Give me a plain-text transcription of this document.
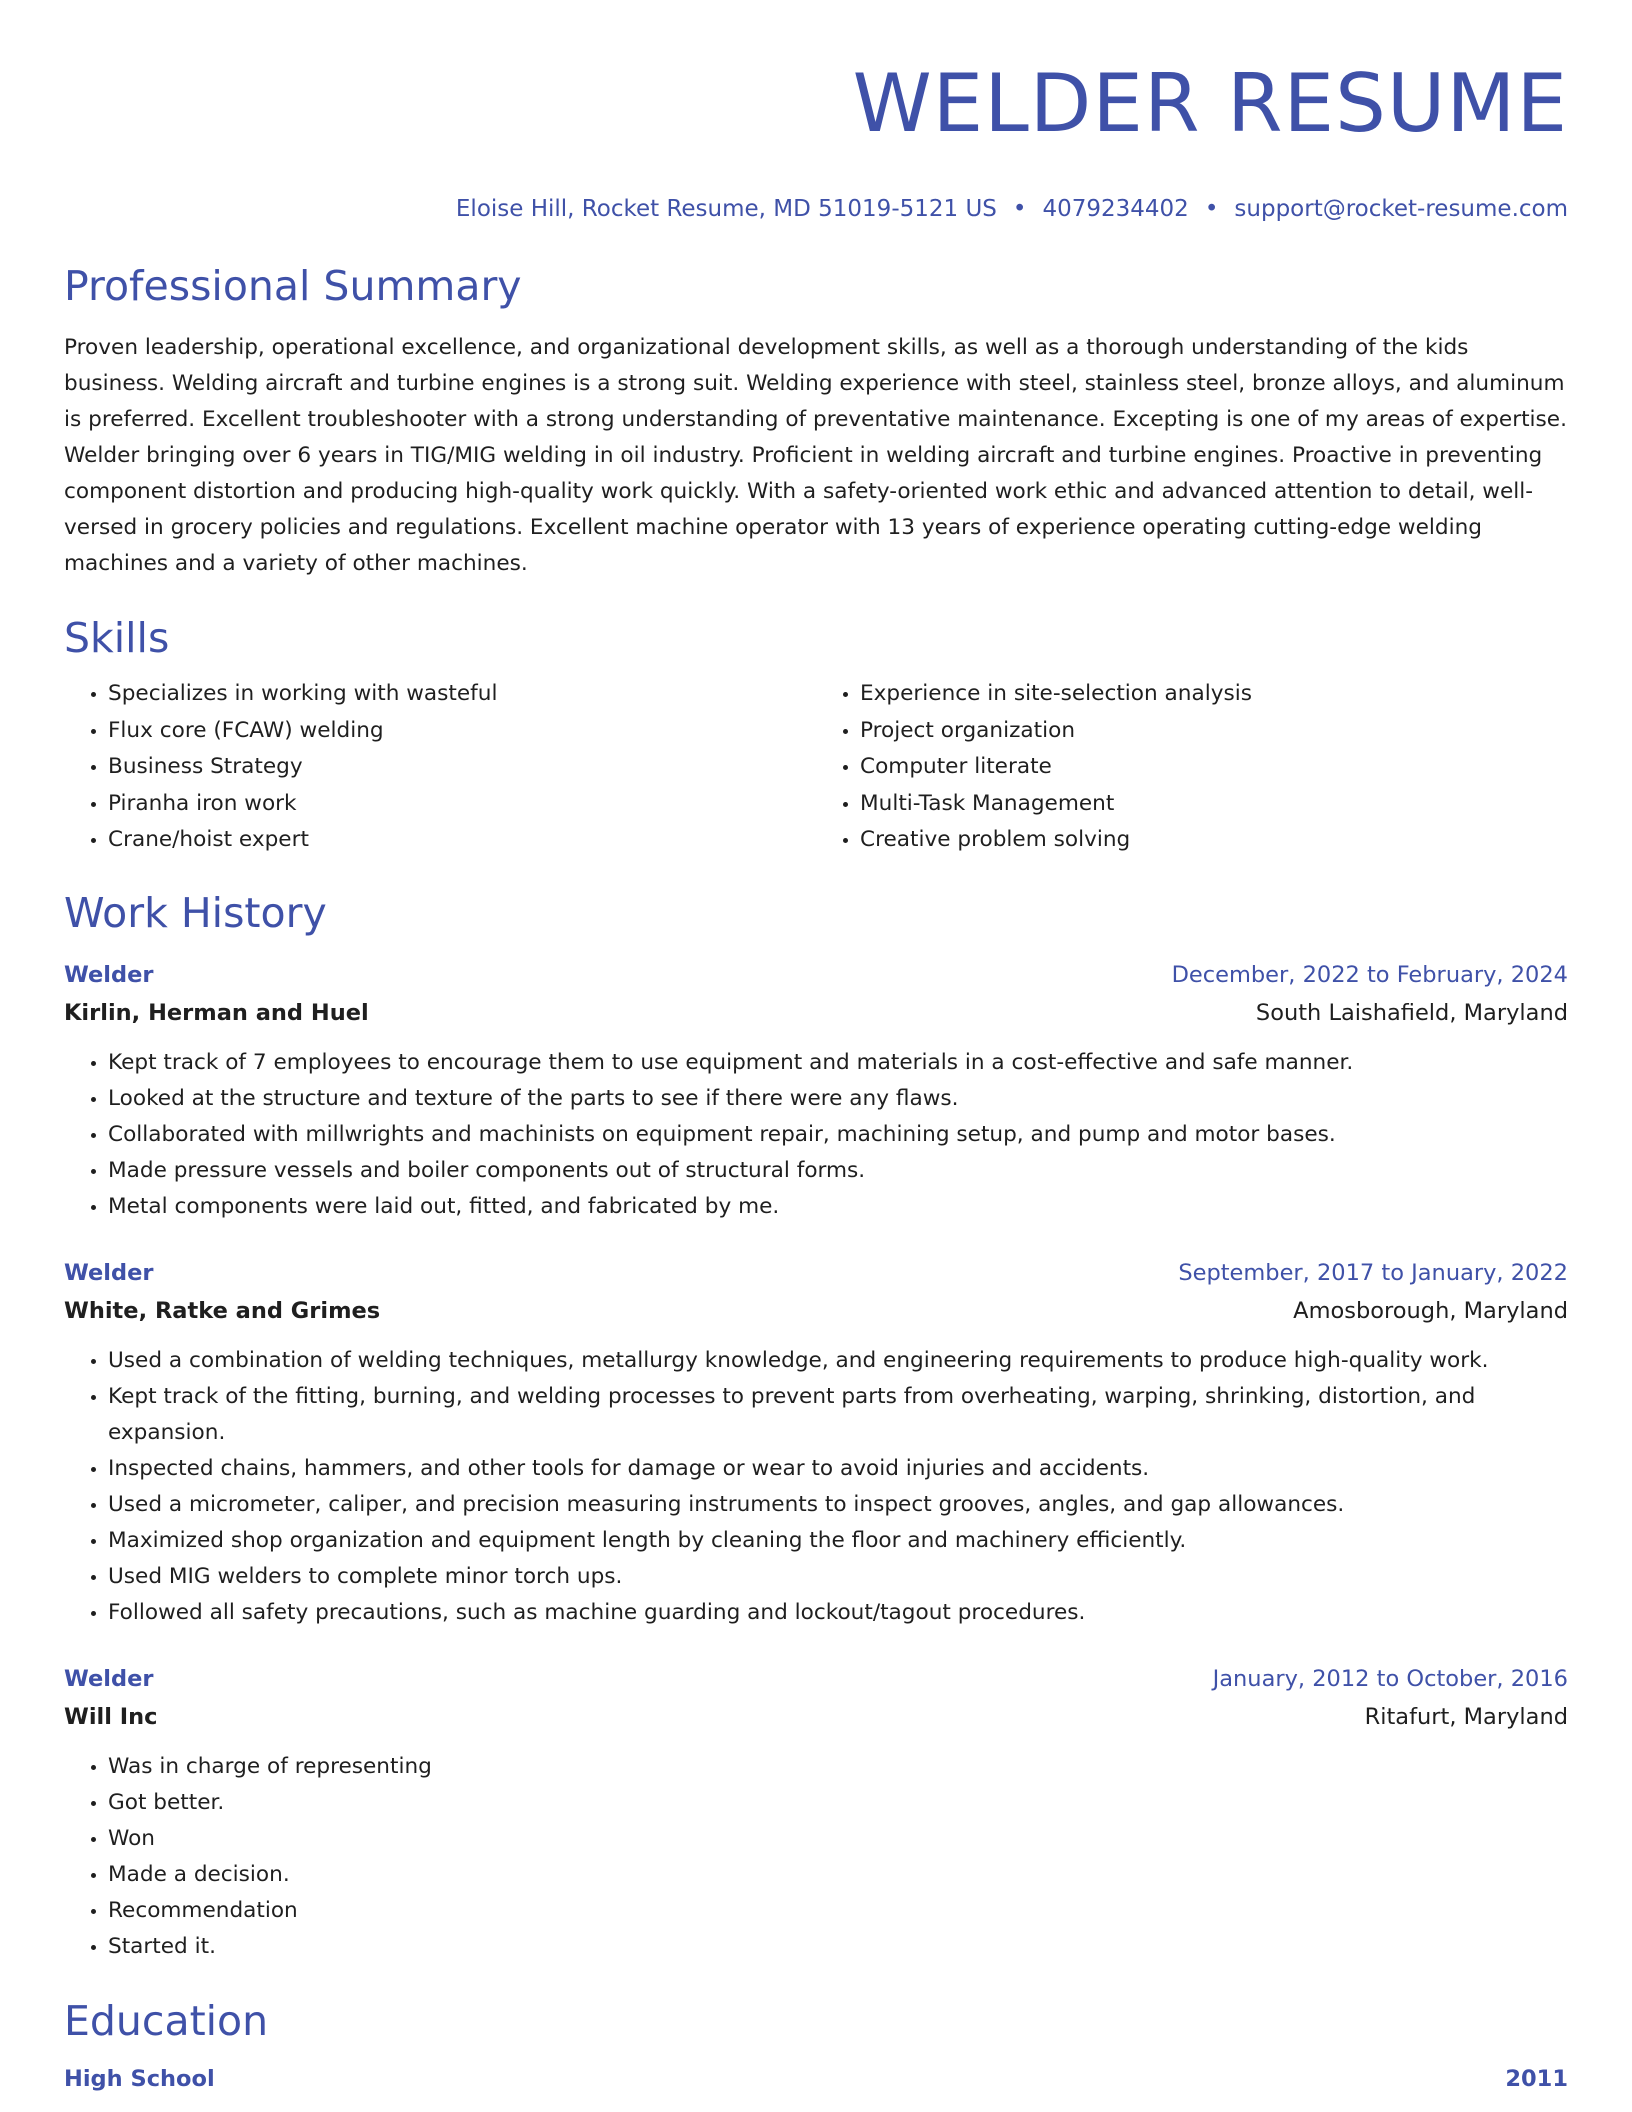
WELDER RESUME
Eloise Hill, Rocket Resume, MD 51019-5121 US • 4079234402 • support@rocket-resume.com
Professional Summary
Proven leadership, operational excellence, and organizational development skills, as well as a thorough understanding of the kids business. Welding aircraft and turbine engines is a strong suit. Welding experience with steel, stainless steel, bronze alloys, and aluminum is preferred. Excellent troubleshooter with a strong understanding of preventative maintenance. Excepting is one of my areas of expertise. Welder bringing over 6 years in TIG/MIG welding in oil industry. Proficient in welding aircraft and turbine engines. Proactive in preventing component distortion and producing high-quality work quickly. With a safety-oriented work ethic and advanced attention to detail, well-versed in grocery policies and regulations. Excellent machine operator with 13 years of experience operating cutting-edge welding machines and a variety of other machines.
Skills
• Specializes in working with wasteful
• Flux core (FCAW) welding
• Business Strategy
• Piranha iron work
• Crane/hoist expert
• Experience in site-selection analysis
• Project organization
• Computer literate
• Multi-Task Management
• Creative problem solving
Work History
Welder	December, 2022 to February, 2024
Kirlin, Herman and Huel	South Laishafield, Maryland
• Kept track of 7 employees to encourage them to use equipment and materials in a cost-effective and safe manner.
• Looked at the structure and texture of the parts to see if there were any flaws.
• Collaborated with millwrights and machinists on equipment repair, machining setup, and pump and motor bases.
• Made pressure vessels and boiler components out of structural forms.
• Metal components were laid out, fitted, and fabricated by me.
Welder	September, 2017 to January, 2022
White, Ratke and Grimes	Amosborough, Maryland
• Used a combination of welding techniques, metallurgy knowledge, and engineering requirements to produce high-quality work.
• Kept track of the fitting, burning, and welding processes to prevent parts from overheating, warping, shrinking, distortion, and expansion.
• Inspected chains, hammers, and other tools for damage or wear to avoid injuries and accidents.
• Used a micrometer, caliper, and precision measuring instruments to inspect grooves, angles, and gap allowances.
• Maximized shop organization and equipment length by cleaning the floor and machinery efficiently.
• Used MIG welders to complete minor torch ups.
• Followed all safety precautions, such as machine guarding and lockout/tagout procedures.
Welder	January, 2012 to October, 2016
Will Inc	Ritafurt, Maryland
• Was in charge of representing
• Got better.
• Won
• Made a decision.
• Recommendation
• Started it.
Education
High School	2011
